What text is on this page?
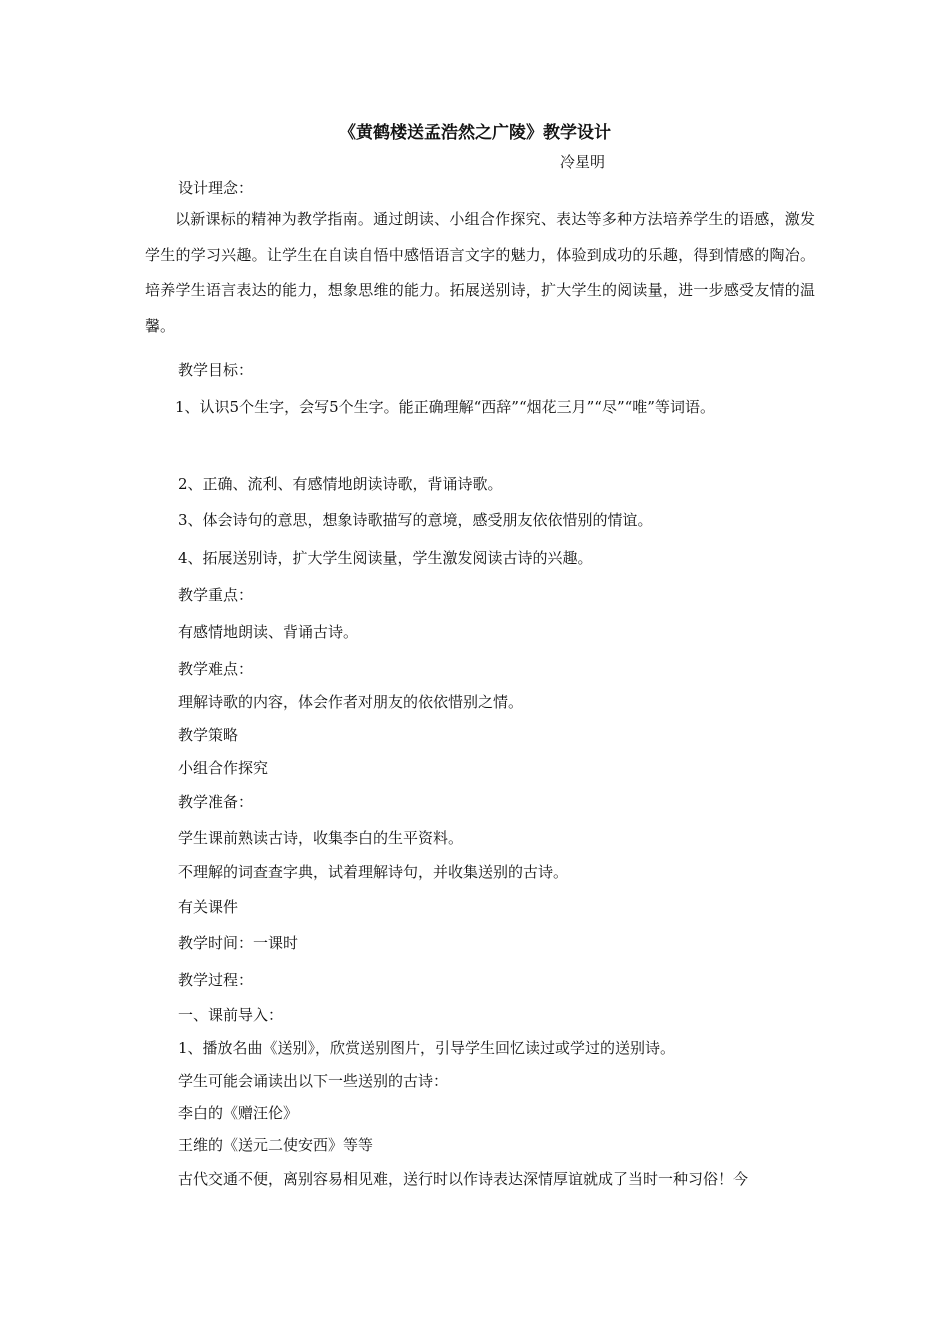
《黄鹤楼送孟浩然之广陵》教学设计
冷星明
设计理念：

以新课标的精神为教学指南。通过朗读、小组合作探究、表达等多种方法培养学生的语感，激发学生的学习兴趣。让学生在自读自悟中感悟语言文字的魅力，体验到成功的乐趣，得到情感的陶冶。培养学生语言表达的能力，想象思维的能力。拓展送别诗，扩大学生的阅读量，进一步感受友情的温馨。

教学目标：

1、认识5个生字，会写5个生字。能正确理解“西辞”“烟花三月”“尽”“唯”等词语。

2、正确、流利、有感情地朗读诗歌，背诵诗歌。
3、体会诗句的意思，想象诗歌描写的意境，感受朋友依依惜别的情谊。
4、拓展送别诗，扩大学生阅读量，学生激发阅读古诗的兴趣。
教学重点：
有感情地朗读、背诵古诗。
教学难点：
理解诗歌的内容，体会作者对朋友的依依惜别之情。
教学策略
小组合作探究
教学准备：
学生课前熟读古诗，收集李白的生平资料。
不理解的词查查字典，试着理解诗句，并收集送别的古诗。
有关课件
教学时间：一课时
教学过程：
一、课前导入：
1、播放名曲《送别》，欣赏送别图片，引导学生回忆读过或学过的送别诗。
学生可能会诵读出以下一些送别的古诗：
李白的《赠汪伦》
王维的《送元二使安西》等等
古代交通不便，离别容易相见难，送行时以作诗表达深情厚谊就成了当时一种习俗！今
